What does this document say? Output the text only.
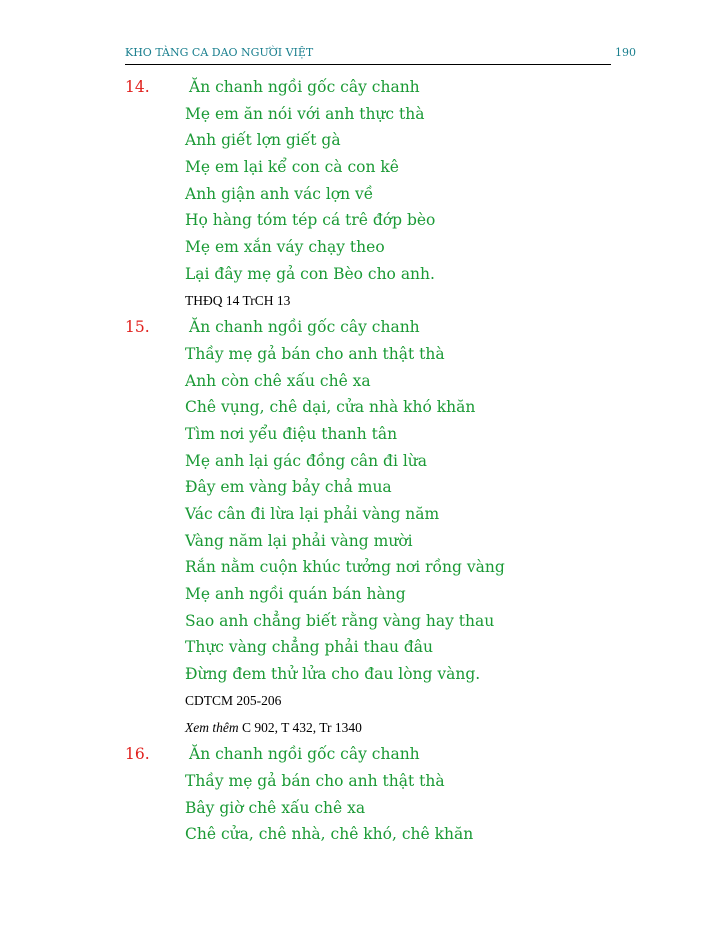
KHO TÀNG CA DAO NGƯỜI VIỆT	190
14.	Ăn chanh ngồi gốc cây chanh
Mẹ em ăn nói với anh thực thà
Anh giết lợn giết gà
Mẹ em lại kể con cà con kê
Anh giận anh vác lợn về
Họ hàng tóm tép cá trê đớp bèo
Mẹ em xắn váy chạy theo
Lại đây mẹ gả con Bèo cho anh.
THĐQ 14 TrCH 13
15.	Ăn chanh ngồi gốc cây chanh
Thầy mẹ gả bán cho anh thật thà
Anh còn chê xấu chê xa
Chê vụng, chê dại, cửa nhà khó khăn
Tìm nơi yểu điệu thanh tân
Mẹ anh lại gác đồng cân đi lừa
Đây em vàng bảy chả mua
Vác cân đi lừa lại phải vàng năm
Vàng năm lại phải vàng mười
Rắn nằm cuộn khúc tưởng nơi rồng vàng
Mẹ anh ngồi quán bán hàng
Sao anh chẳng biết rằng vàng hay thau
Thực vàng chẳng phải thau đâu
Đừng đem thử lửa cho đau lòng vàng.
CDTCM 205-206
Xem thêm C 902, T 432, Tr 1340
16.	Ăn chanh ngồi gốc cây chanh
Thầy mẹ gả bán cho anh thật thà
Bây giờ chê xấu chê xa
Chê cửa, chê nhà, chê khó, chê khăn
